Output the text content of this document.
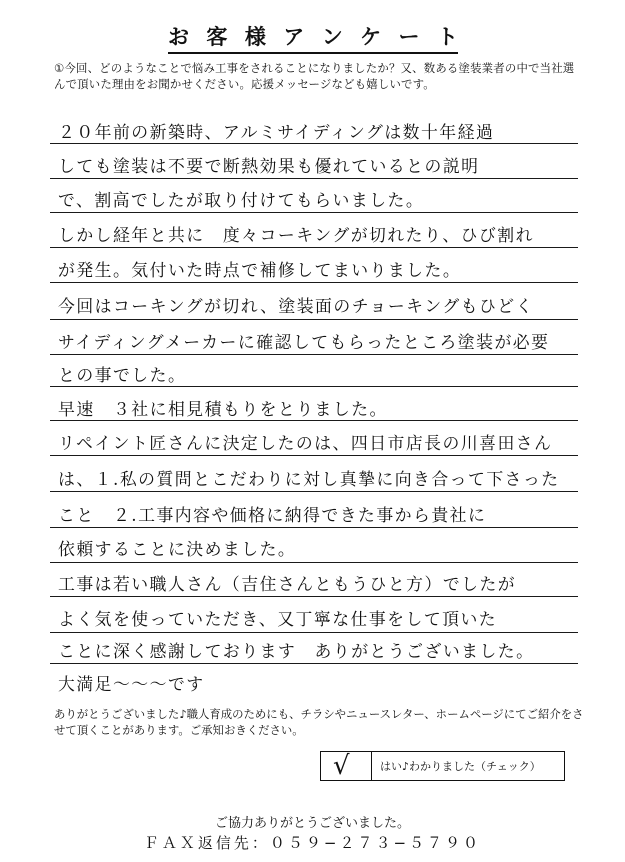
お 客 様 ア ン ケ ー ト
①今回、どのようなことで悩み工事をされることになりましたか？又、数ある塗装業者の中で当社選んで頂いた理由をお聞かせください。応援メッセージなども嬉しいです。
ありがとうございました♪職人育成のためにも、チラシやニュースレター、ホームページにてご紹介をさせて頂くことがあります。ご承知おきください。
√	はい♪わかりました（チェック）
ご協力ありがとうございました。
ＦＡＸ返信先：０５９−２７３−５７９０
２０年前の新築時、アルミサイディングは数十年経過
しても塗装は不要で断熱効果も優れているとの説明
で、割高でしたが取り付けてもらいました。
しかし経年と共に　度々コーキングが切れたり、ひび割れ
が発生。気付いた時点で補修してまいりました。
今回はコーキングが切れ、塗装面のチョーキングもひどく
サイディングメーカーに確認してもらったところ塗装が必要
との事でした。
早速　３社に相見積もりをとりました。
リペイント匠さんに決定したのは、四日市店長の川喜田さん
は、１.私の質問とこだわりに対し真摯に向き合って下さった
こと　２.工事内容や価格に納得できた事から貴社に
依頼することに決めました。
工事は若い職人さん（吉住さんともうひと方）でしたが
よく気を使っていただき、又丁寧な仕事をして頂いた
ことに深く感謝しております　ありがとうございました。
大満足〜〜〜です
